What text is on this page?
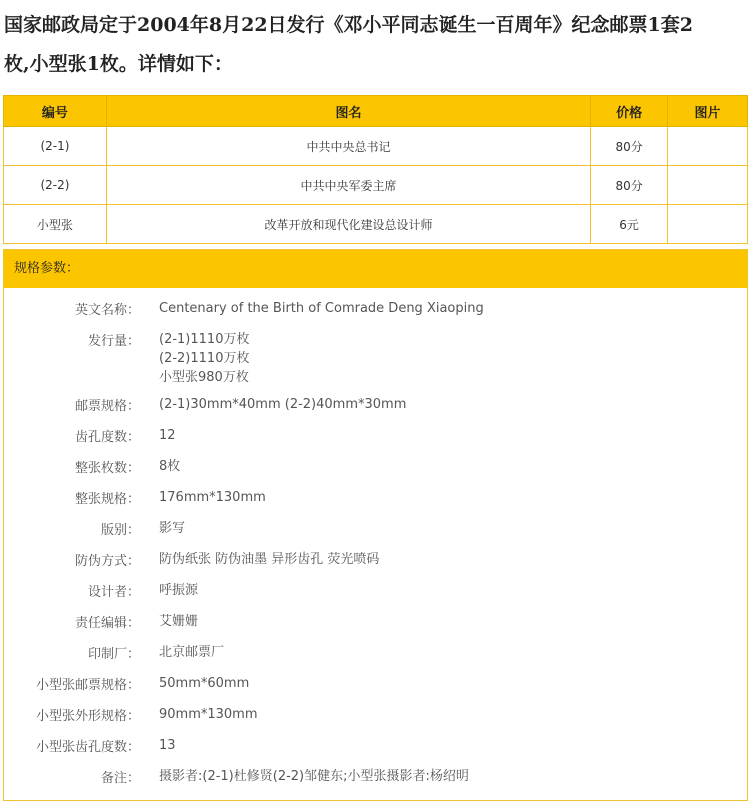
国家邮政局定于2004年8月22日发行《邓小平同志诞生一百周年》纪念邮票1套2
枚,小型张1枚。详情如下：
编号	图名	价格	图片
(2-1)	中共中央总书记	80分	
(2-2)	中共中央军委主席	80分	
小型张	改革开放和现代化建设总设计师	6元	
规格参数：
英文名称： Centenary of the Birth of Comrade Deng Xiaoping
发行量： (2-1)1110万枚
(2-2)1110万枚
小型张980万枚
邮票规格： (2-1)30mm*40mm (2-2)40mm*30mm
齿孔度数： 12
整张枚数： 8枚
整张规格： 176mm*130mm
版别： 影写
防伪方式： 防伪纸张 防伪油墨 异形齿孔 荧光喷码
设计者： 呼振源
责任编辑： 艾姗姗
印制厂： 北京邮票厂
小型张邮票规格： 50mm*60mm
小型张外形规格： 90mm*130mm
小型张齿孔度数： 13
备注： 摄影者:(2-1)杜修贤(2-2)邹健东;小型张摄影者:杨绍明
